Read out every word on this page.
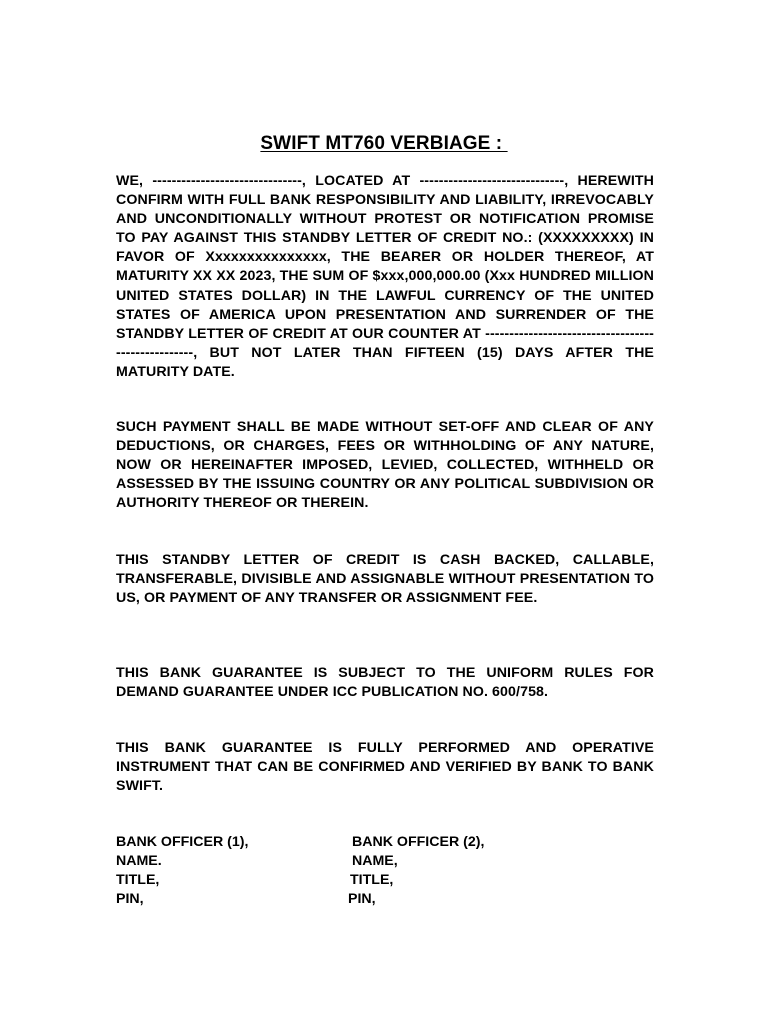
SWIFT MT760 VERBIAGE :
WE, -------------------------------, LOCATED AT ------------------------------, HEREWITH CONFIRM WITH FULL BANK RESPONSIBILITY AND LIABILITY, IRREVOCABLY AND UNCONDITIONALLY WITHOUT PROTEST OR NOTIFICATION PROMISE TO PAY AGAINST THIS STANDBY LETTER OF CREDIT NO.: (XXXXXXXXX) IN FAVOR OF Xxxxxxxxxxxxxxx, THE BEARER OR HOLDER THEREOF, AT MATURITY XX XX 2023, THE SUM OF $xxx,000,000.00 (Xxx HUNDRED MILLION UNITED STATES DOLLAR) IN THE LAWFUL CURRENCY OF THE UNITED STATES OF AMERICA UPON PRESENTATION AND SURRENDER OF THE STANDBY LETTER OF CREDIT AT OUR COUNTER AT ---------------------------------------------------, BUT NOT LATER THAN FIFTEEN (15) DAYS AFTER THE MATURITY DATE.
SUCH PAYMENT SHALL BE MADE WITHOUT SET-OFF AND CLEAR OF ANY DEDUCTIONS, OR CHARGES, FEES OR WITHHOLDING OF ANY NATURE, NOW OR HEREINAFTER IMPOSED, LEVIED, COLLECTED, WITHHELD OR ASSESSED BY THE ISSUING COUNTRY OR ANY POLITICAL SUBDIVISION OR AUTHORITY THEREOF OR THEREIN.
THIS STANDBY LETTER OF CREDIT IS CASH BACKED, CALLABLE, TRANSFERABLE, DIVISIBLE AND ASSIGNABLE WITHOUT PRESENTATION TO US, OR PAYMENT OF ANY TRANSFER OR ASSIGNMENT FEE.
THIS BANK GUARANTEE IS SUBJECT TO THE UNIFORM RULES FOR DEMAND GUARANTEE UNDER ICC PUBLICATION NO. 600/758.
THIS BANK GUARANTEE IS FULLY PERFORMED AND OPERATIVE INSTRUMENT THAT CAN BE CONFIRMED AND VERIFIED BY BANK TO BANK SWIFT.
BANK OFFICER (1),
NAME.
TITLE,
PIN,
BANK OFFICER (2),
NAME,
TITLE,
PIN,
